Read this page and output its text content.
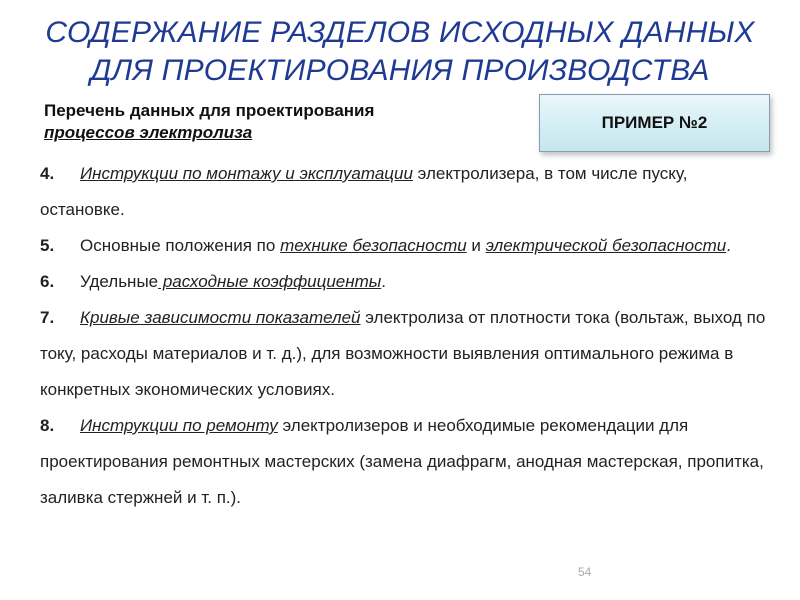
СОДЕРЖАНИЕ РАЗДЕЛОВ ИСХОДНЫХ ДАННЫХ
ДЛЯ ПРОЕКТИРОВАНИЯ ПРОИЗВОДСТВА
Перечень данных для проектирования
процессов электролиза
ПРИМЕР №2

4. Инструкции по монтажу и эксплуатации электролизера, в том числе пуску, остановке.

5. Основные положения по технике безопасности и электрической безопасности.

6. Удельные расходные коэффициенты.

7. Кривые зависимости показателей электролиза от плотности тока (вольтаж, выход по току, расходы материалов и т. д.), для возможности выявления оптимального режима в конкретных экономических условиях.

8. Инструкции по ремонту электролизеров и необходимые рекомендации для проектирования ремонтных мастерских (замена диафрагм, анодная мастерская, пропитка, заливка стержней и т. п.).

54
